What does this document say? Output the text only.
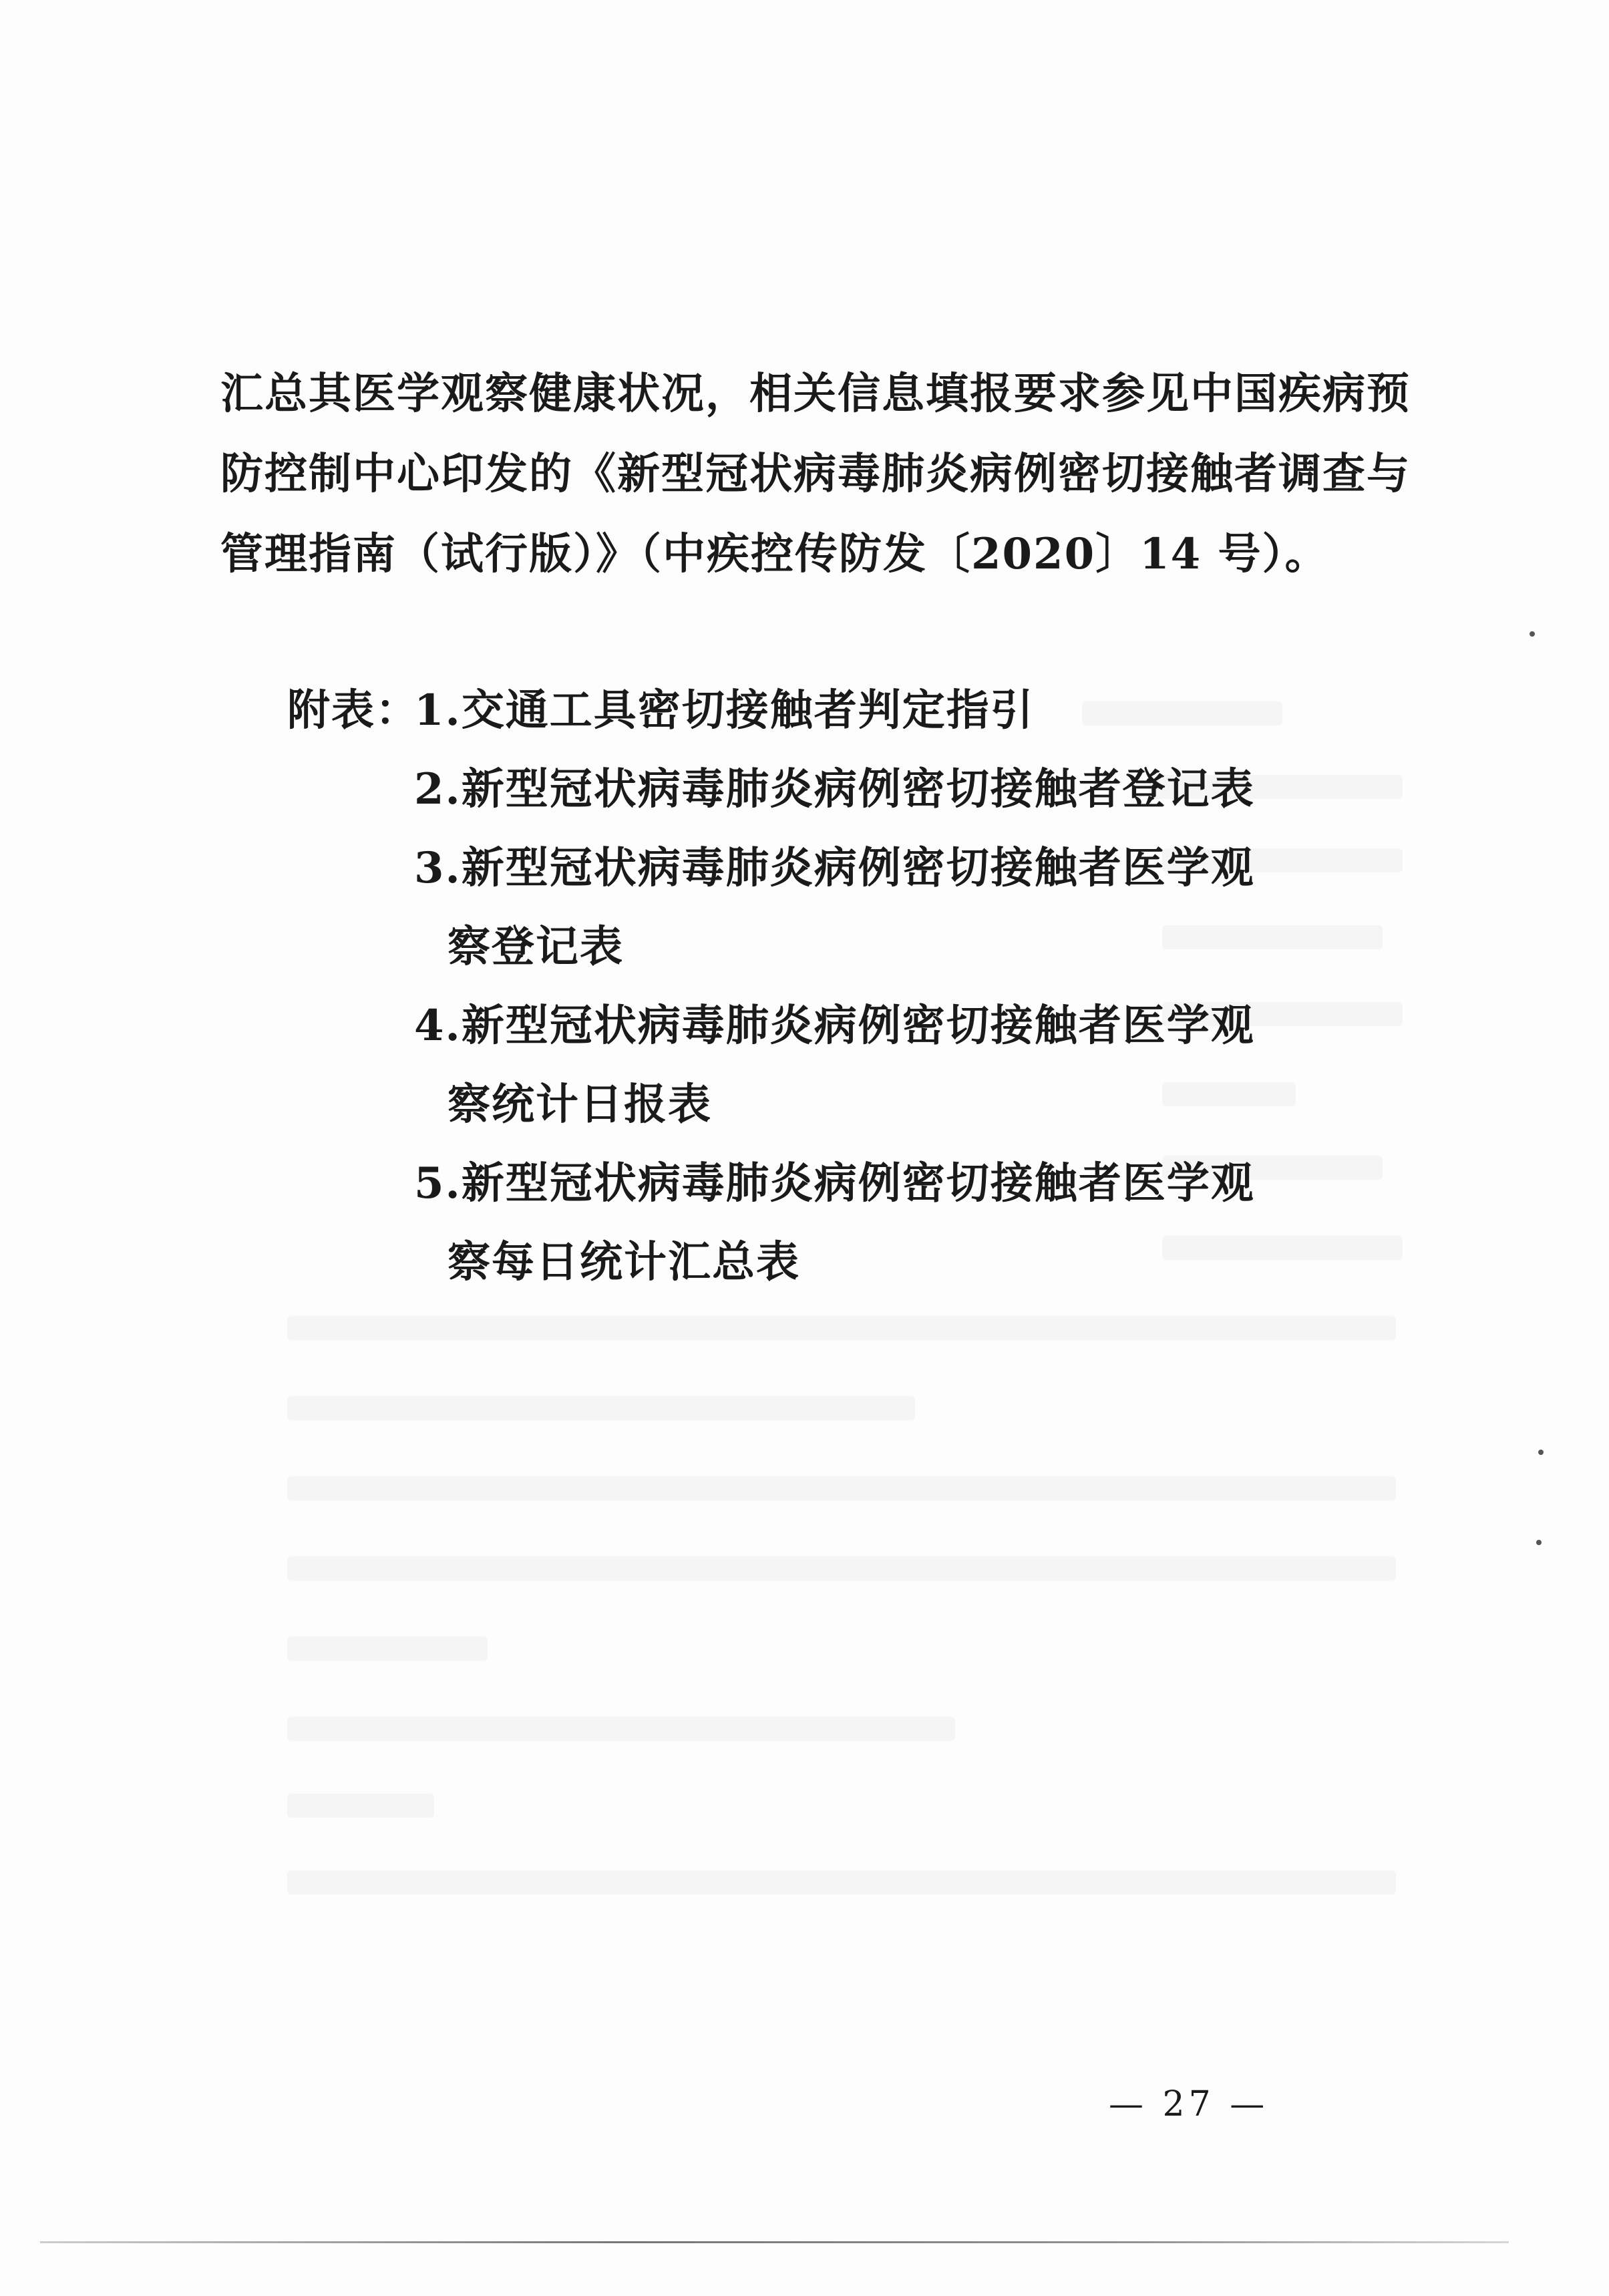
汇总其医学观察健康状况，相关信息填报要求参见中国疾病预
防控制中心印发的《新型冠状病毒肺炎病例密切接触者调查与
管理指南（试行版）》（中疾控传防发〔2020〕14 号）。
附表：1.交通工具密切接触者判定指引
2.新型冠状病毒肺炎病例密切接触者登记表
3.新型冠状病毒肺炎病例密切接触者医学观
察登记表
4.新型冠状病毒肺炎病例密切接触者医学观
察统计日报表
5.新型冠状病毒肺炎病例密切接触者医学观
察每日统计汇总表
— 27 —
